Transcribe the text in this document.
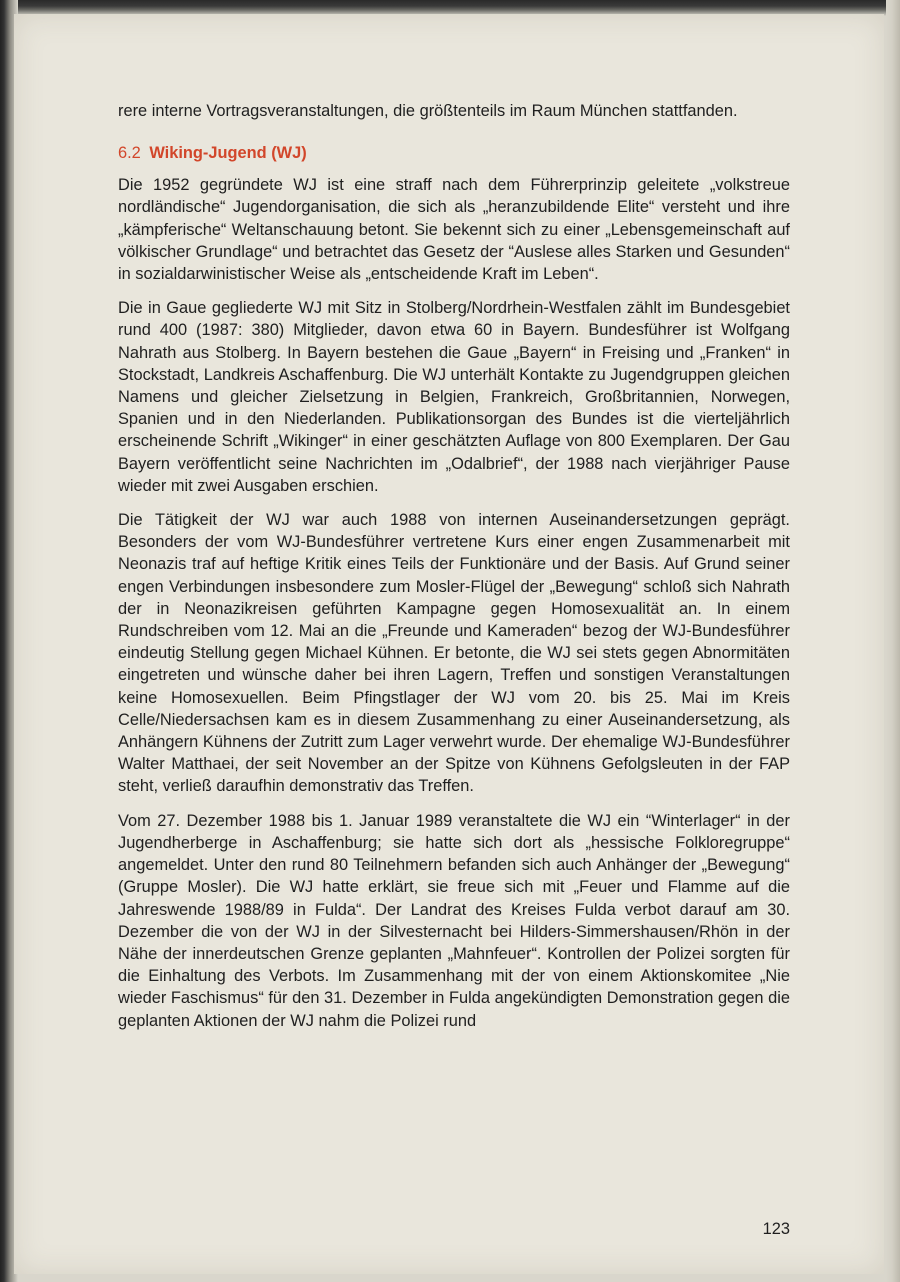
rere interne Vortragsveranstaltungen, die größtenteils im Raum München stattfanden.

6.2 Wiking-Jugend (WJ)

Die 1952 gegründete WJ ist eine straff nach dem Führerprinzip geleitete „volkstreue nordländische“ Jugendorganisation, die sich als „heranzubildende Elite“ versteht und ihre „kämpferische“ Weltanschauung betont. Sie bekennt sich zu einer „Lebensgemeinschaft auf völkischer Grundlage“ und betrachtet das Gesetz der “Auslese alles Starken und Gesunden“ in sozialdarwinistischer Weise als „entscheidende Kraft im Leben“.

Die in Gaue gegliederte WJ mit Sitz in Stolberg/Nordrhein-Westfalen zählt im Bundesgebiet rund 400 (1987: 380) Mitglieder, davon etwa 60 in Bayern. Bundesführer ist Wolfgang Nahrath aus Stolberg. In Bayern bestehen die Gaue „Bayern“ in Freising und „Franken“ in Stockstadt, Landkreis Aschaffenburg. Die WJ unterhält Kontakte zu Jugendgruppen gleichen Namens und gleicher Zielsetzung in Belgien, Frankreich, Großbritannien, Norwegen, Spanien und in den Niederlanden. Publikationsorgan des Bundes ist die vierteljährlich erscheinende Schrift „Wikinger“ in einer geschätzten Auflage von 800 Exemplaren. Der Gau Bayern veröffentlicht seine Nachrichten im „Odalbrief“, der 1988 nach vierjähriger Pause wieder mit zwei Ausgaben erschien.

Die Tätigkeit der WJ war auch 1988 von internen Auseinandersetzungen geprägt. Besonders der vom WJ-Bundesführer vertretene Kurs einer engen Zusammenarbeit mit Neonazis traf auf heftige Kritik eines Teils der Funktionäre und der Basis. Auf Grund seiner engen Verbindungen insbesondere zum Mosler-Flügel der „Bewegung“ schloß sich Nahrath der in Neonazikreisen geführten Kampagne gegen Homosexualität an. In einem Rundschreiben vom 12. Mai an die „Freunde und Kameraden“ bezog der WJ-Bundesführer eindeutig Stellung gegen Michael Kühnen. Er betonte, die WJ sei stets gegen Abnormitäten eingetreten und wünsche daher bei ihren Lagern, Treffen und sonstigen Veranstaltungen keine Homosexuellen. Beim Pfingstlager der WJ vom 20. bis 25. Mai im Kreis Celle/Niedersachsen kam es in diesem Zusammenhang zu einer Auseinandersetzung, als Anhängern Kühnens der Zutritt zum Lager verwehrt wurde. Der ehemalige WJ-Bundesführer Walter Matthaei, der seit November an der Spitze von Kühnens Gefolgsleuten in der FAP steht, verließ daraufhin demonstrativ das Treffen.

Vom 27. Dezember 1988 bis 1. Januar 1989 veranstaltete die WJ ein “Winterlager“ in der Jugendherberge in Aschaffenburg; sie hatte sich dort als „hessische Folkloregruppe“ angemeldet. Unter den rund 80 Teilnehmern befanden sich auch Anhänger der „Bewegung“ (Gruppe Mosler). Die WJ hatte erklärt, sie freue sich mit „Feuer und Flamme auf die Jahreswende 1988/89 in Fulda“. Der Landrat des Kreises Fulda verbot darauf am 30. Dezember die von der WJ in der Silvesternacht bei Hilders-Simmershausen/Rhön in der Nähe der innerdeutschen Grenze geplanten „Mahnfeuer“. Kontrollen der Polizei sorgten für die Einhaltung des Verbots. Im Zusammenhang mit der von einem Aktionskomitee „Nie wieder Faschismus“ für den 31. Dezember in Fulda angekündigten Demonstration gegen die geplanten Aktionen der WJ nahm die Polizei rund

123
